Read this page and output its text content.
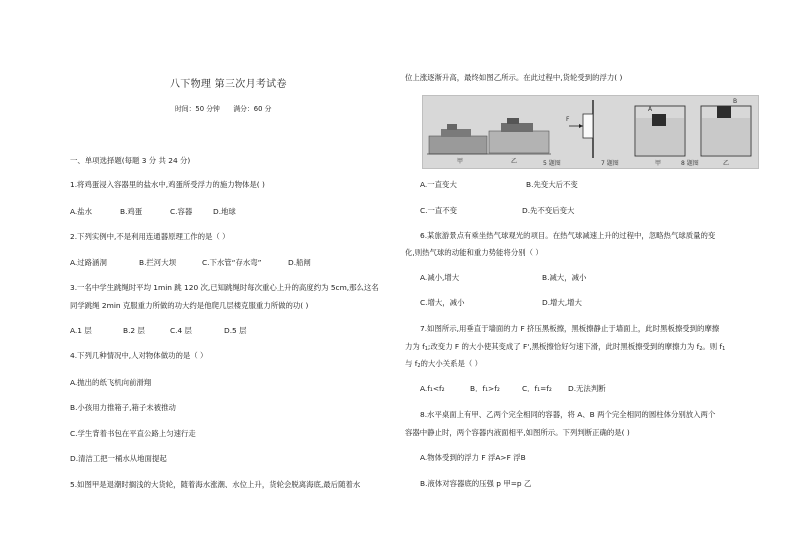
八下物理 第三次月考试卷
时间：50 分钟　　满分：60 分
一、单项选择题(每题 3 分 共 24 分)
1.将鸡蛋浸入容器里的盐水中,鸡蛋所受浮力的施力物体是( )
A.盐水	B.鸡蛋	C.容器	D.地球
2.下列实例中,不是利用连通器原理工作的是（ ）
A.过路涵洞	B.拦河大坝	C.下水管“存水弯”	D.船闸
3.一名中学生跳绳时平均 1min 跳 120 次,已知跳绳时每次重心上升的高度约为 5cm,那么这名
同学跳绳 2min 克服重力所做的功大约是他爬几层楼克服重力所做的功( )
A.1 层	B.2 层	C.4 层	D.5 层
4.下列几种情况中,人对物体做功的是（ ）
A.抛出的纸飞机向前滑翔
B.小孩用力推箱子,箱子未被推动
C.学生背着书包在平直公路上匀速行走
D.清洁工把一桶水从地面提起
5.如图甲是退潮时搁浅的大货轮，随着海水涨潮、水位上升，货轮会脱离海底,最后随着水
位上涨逐渐升高，最终如图乙所示。在此过程中,货轮受到的浮力( )
甲	乙	5 题图
F
7 题图
A
B
甲	8 题图	乙
A.一直变大	B.先变大后不变
C.一直不变	D.先不变后变大
6.某旅游景点有乘坐热气球观光的项目。在热气球减速上升的过程中，忽略热气球质量的变
化,则热气球的动能和重力势能将分别（ ）
A.减小,增大	B.减大，减小
C.增大，减小	D.增大,增大
7.如图所示,用垂直于墙面的力 F 挤压黑板擦，黑板擦静止于墙面上，此时黑板擦受到的摩擦
力为 $f_1$;改变力 F 的大小使其变成了 F',黑板擦恰好匀速下滑，此时黑板擦受到的摩擦力为 $f_2$。则 $f_1$
与 $f_2$的大小关系是（ ）
A.f₁<f₂	B．f₁>f₂	C．f₁=f₂ D.无法判断
8.水平桌面上有甲、乙两个完全相同的容器，将 A、B 两个完全相同的圆柱体分别放入两个
容器中静止时，两个容器内液面相平,如图所示。下列判断正确的是( )
A.物体受到的浮力 F 浮A>F 浮B
B.液体对容器底的压强 p 甲=p 乙
